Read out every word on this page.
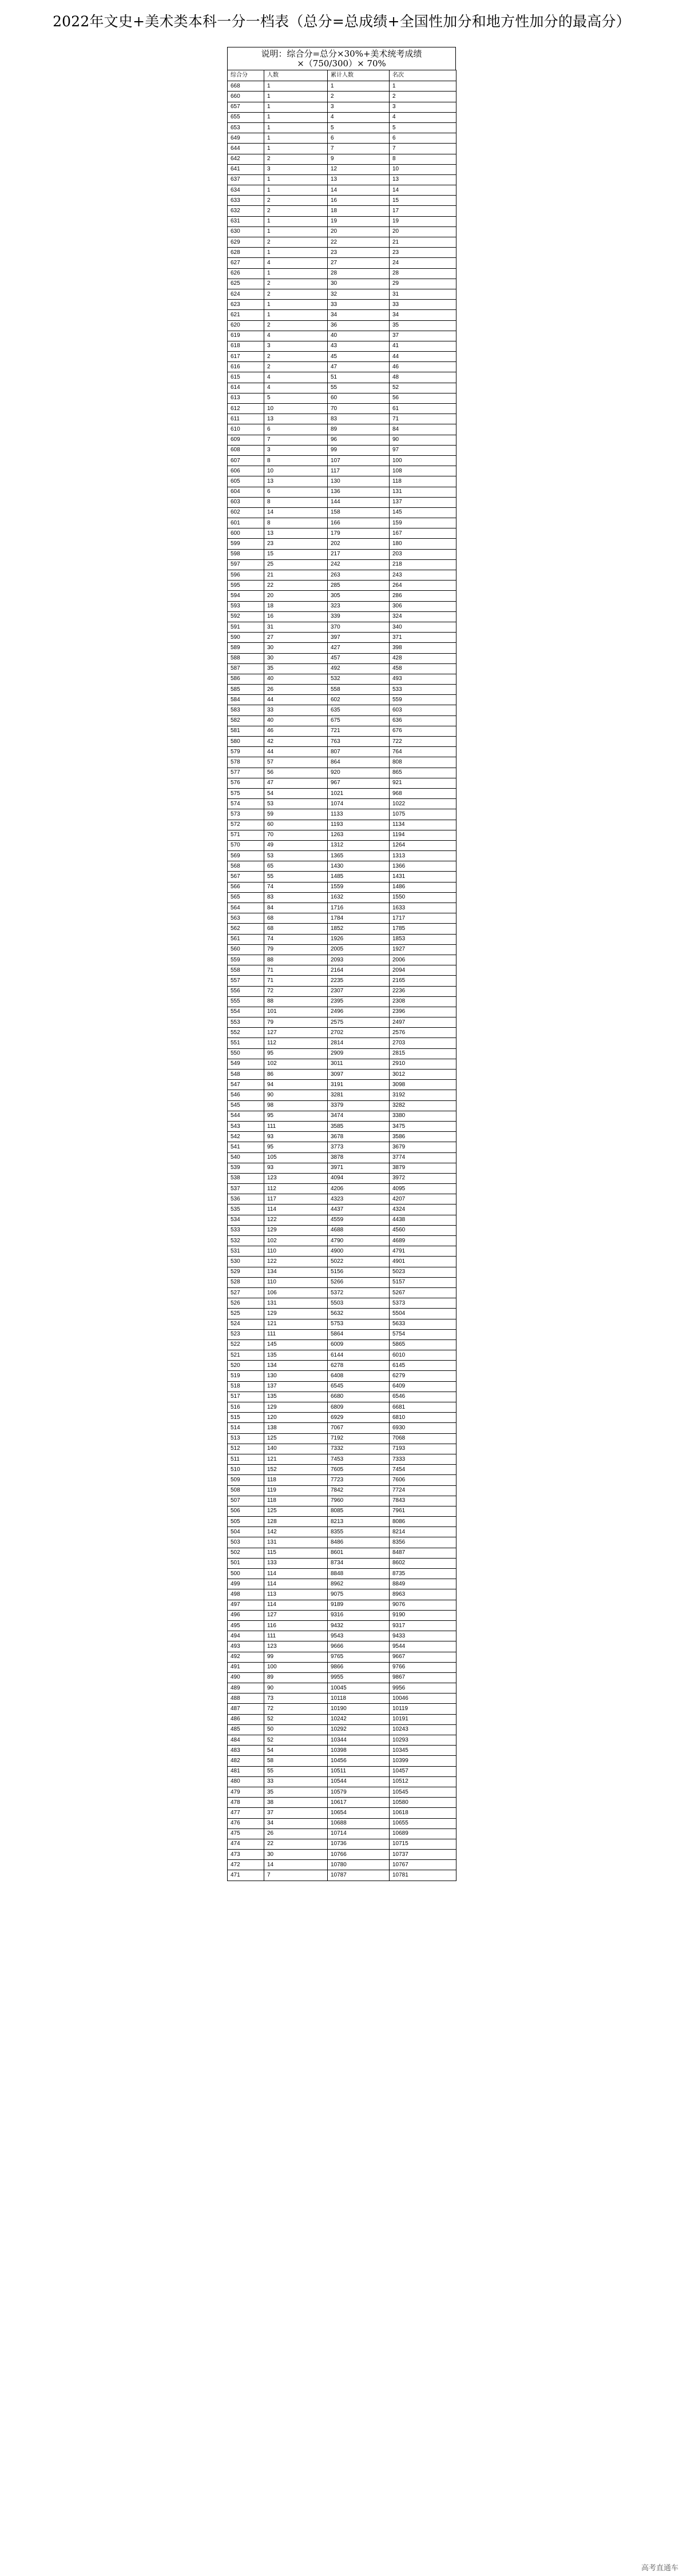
2022年文史+美术类本科一分一档表（总分=总成绩+全国性加分和地方性加分的最高分）
说明：综合分=总分×30%+美术统考成绩
×（750/300）× 70%
综合分	人数	累计人数	名次
668	1	1	1
660	1	2	2
657	1	3	3
655	1	4	4
653	1	5	5
649	1	6	6
644	1	7	7
642	2	9	8
641	3	12	10
637	1	13	13
634	1	14	14
633	2	16	15
632	2	18	17
631	1	19	19
630	1	20	20
629	2	22	21
628	1	23	23
627	4	27	24
626	1	28	28
625	2	30	29
624	2	32	31
623	1	33	33
621	1	34	34
620	2	36	35
619	4	40	37
618	3	43	41
617	2	45	44
616	2	47	46
615	4	51	48
614	4	55	52
613	5	60	56
612	10	70	61
611	13	83	71
610	6	89	84
609	7	96	90
608	3	99	97
607	8	107	100
606	10	117	108
605	13	130	118
604	6	136	131
603	8	144	137
602	14	158	145
601	8	166	159
600	13	179	167
599	23	202	180
598	15	217	203
597	25	242	218
596	21	263	243
595	22	285	264
594	20	305	286
593	18	323	306
592	16	339	324
591	31	370	340
590	27	397	371
589	30	427	398
588	30	457	428
587	35	492	458
586	40	532	493
585	26	558	533
584	44	602	559
583	33	635	603
582	40	675	636
581	46	721	676
580	42	763	722
579	44	807	764
578	57	864	808
577	56	920	865
576	47	967	921
575	54	1021	968
574	53	1074	1022
573	59	1133	1075
572	60	1193	1134
571	70	1263	1194
570	49	1312	1264
569	53	1365	1313
568	65	1430	1366
567	55	1485	1431
566	74	1559	1486
565	83	1632	1550
564	84	1716	1633
563	68	1784	1717
562	68	1852	1785
561	74	1926	1853
560	79	2005	1927
559	88	2093	2006
558	71	2164	2094
557	71	2235	2165
556	72	2307	2236
555	88	2395	2308
554	101	2496	2396
553	79	2575	2497
552	127	2702	2576
551	112	2814	2703
550	95	2909	2815
549	102	3011	2910
548	86	3097	3012
547	94	3191	3098
546	90	3281	3192
545	98	3379	3282
544	95	3474	3380
543	111	3585	3475
542	93	3678	3586
541	95	3773	3679
540	105	3878	3774
539	93	3971	3879
538	123	4094	3972
537	112	4206	4095
536	117	4323	4207
535	114	4437	4324
534	122	4559	4438
533	129	4688	4560
532	102	4790	4689
531	110	4900	4791
530	122	5022	4901
529	134	5156	5023
528	110	5266	5157
527	106	5372	5267
526	131	5503	5373
525	129	5632	5504
524	121	5753	5633
523	111	5864	5754
522	145	6009	5865
521	135	6144	6010
520	134	6278	6145
519	130	6408	6279
518	137	6545	6409
517	135	6680	6546
516	129	6809	6681
515	120	6929	6810
514	138	7067	6930
513	125	7192	7068
512	140	7332	7193
511	121	7453	7333
510	152	7605	7454
509	118	7723	7606
508	119	7842	7724
507	118	7960	7843
506	125	8085	7961
505	128	8213	8086
504	142	8355	8214
503	131	8486	8356
502	115	8601	8487
501	133	8734	8602
500	114	8848	8735
499	114	8962	8849
498	113	9075	8963
497	114	9189	9076
496	127	9316	9190
495	116	9432	9317
494	111	9543	9433
493	123	9666	9544
492	99	9765	9667
491	100	9866	9766
490	89	9955	9867
489	90	10045	9956
488	73	10118	10046
487	72	10190	10119
486	52	10242	10191
485	50	10292	10243
484	52	10344	10293
483	54	10398	10345
482	58	10456	10399
481	55	10511	10457
480	33	10544	10512
479	35	10579	10545
478	38	10617	10580
477	37	10654	10618
476	34	10688	10655
475	26	10714	10689
474	22	10736	10715
473	30	10766	10737
472	14	10780	10767
471	7	10787	10781
高考直通车
